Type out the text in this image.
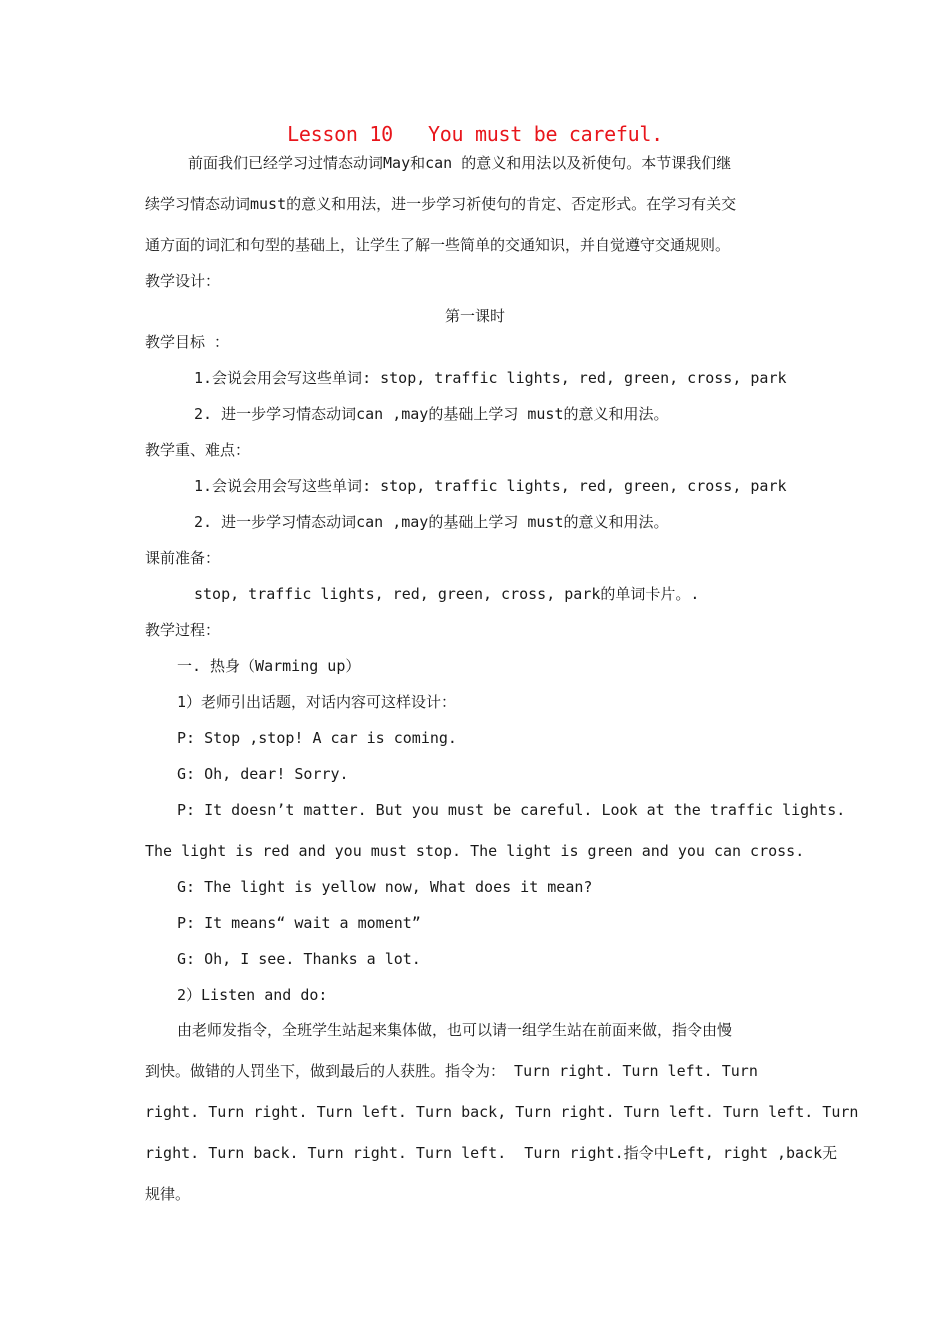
Lesson 10   You must be careful.
前面我们已经学习过情态动词May和can 的意义和用法以及祈使句。本节课我们继
续学习情态动词must的意义和用法，进一步学习祈使句的肯定、否定形式。在学习有关交
通方面的词汇和句型的基础上，让学生了解一些简单的交通知识，并自觉遵守交通规则。
教学设计：
第一课时
教学目标 ：
1.会说会用会写这些单词: stop, traffic lights, red, green, cross, park
2. 进一步学习情态动词can ,may的基础上学习 must的意义和用法。
教学重、难点：
1.会说会用会写这些单词: stop, traffic lights, red, green, cross, park
2. 进一步学习情态动词can ,may的基础上学习 must的意义和用法。
课前准备：
stop, traffic lights, red, green, cross, park的单词卡片。.
教学过程：
一. 热身（Warming up）
1）老师引出话题，对话内容可这样设计：
P: Stop ,stop! A car is coming.
G: Oh, dear! Sorry.
P: It doesn’t matter. But you must be careful. Look at the traffic lights.
The light is red and you must stop. The light is green and you can cross.
G: The light is yellow now, What does it mean?
P: It means“ wait a moment”
G: Oh, I see. Thanks a lot.
2）Listen and do:
由老师发指令，全班学生站起来集体做，也可以请一组学生站在前面来做，指令由慢
到快。做错的人罚坐下，做到最后的人获胜。指令为： Turn right. Turn left. Turn
right. Turn right. Turn left. Turn back, Turn right. Turn left. Turn left. Turn
right. Turn back. Turn right. Turn left.  Turn right.指令中Left, right ,back无
规律。
